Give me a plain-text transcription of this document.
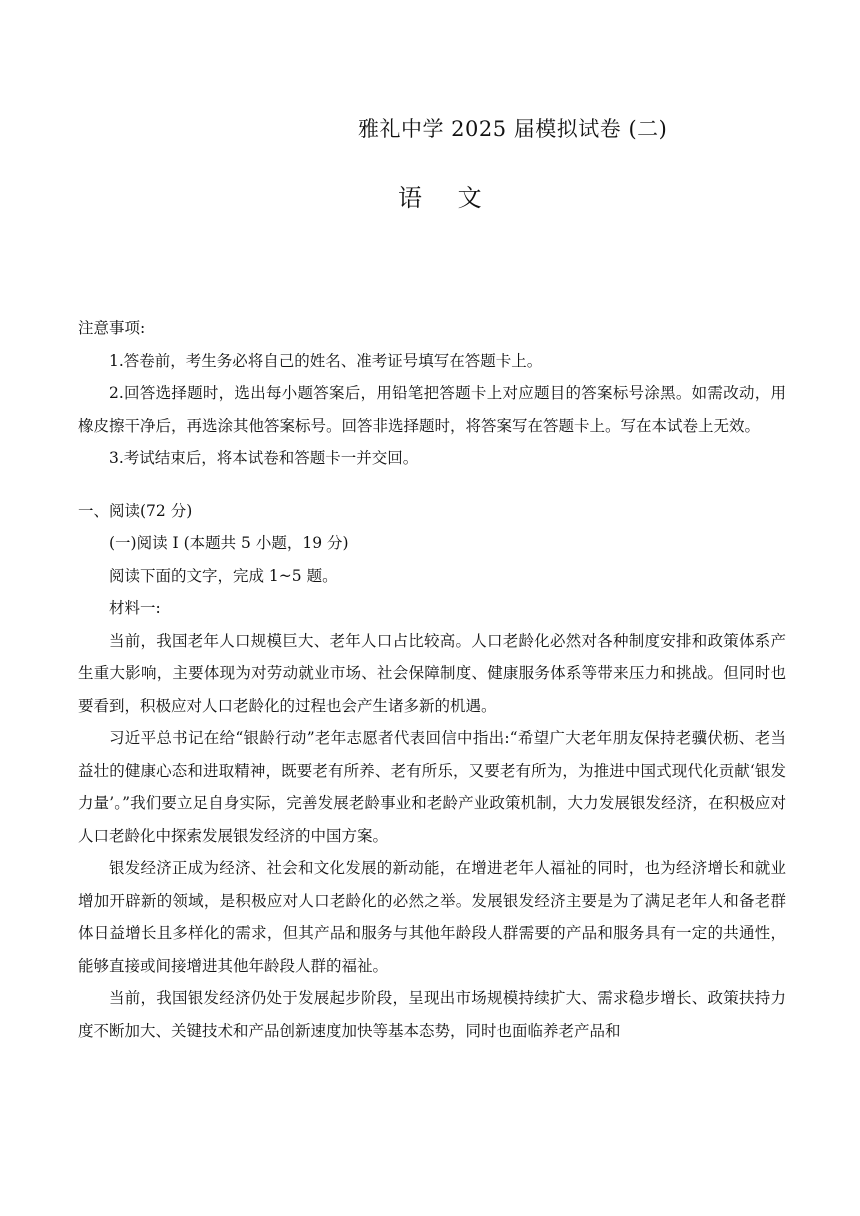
雅礼中学 2025 届模拟试卷 (二)
语 文

注意事项:

1.答卷前，考生务必将自己的姓名、准考证号填写在答题卡上。

2.回答选择题时，选出每小题答案后，用铅笔把答题卡上对应题目的答案标号涂黑。如需改动，用橡皮擦干净后，再选涂其他答案标号。回答非选择题时，将答案写在答题卡上。写在本试卷上无效。

3.考试结束后，将本试卷和答题卡一并交回。

一、阅读(72 分)

(一)阅读 I (本题共 5 小题，19 分)

阅读下面的文字，完成 1~5 题。

材料一:

当前，我国老年人口规模巨大、老年人口占比较高。人口老龄化必然对各种制度安排和政策体系产生重大影响，主要体现为对劳动就业市场、社会保障制度、健康服务体系等带来压力和挑战。但同时也要看到，积极应对人口老龄化的过程也会产生诸多新的机遇。

习近平总书记在给“银龄行动”老年志愿者代表回信中指出:“希望广大老年朋友保持老骥伏枥、老当益壮的健康心态和进取精神，既要老有所养、老有所乐，又要老有所为，为推进中国式现代化贡献‘银发力量’。”我们要立足自身实际，完善发展老龄事业和老龄产业政策机制，大力发展银发经济，在积极应对人口老龄化中探索发展银发经济的中国方案。

银发经济正成为经济、社会和文化发展的新动能，在增进老年人福祉的同时，也为经济增长和就业增加开辟新的领域，是积极应对人口老龄化的必然之举。发展银发经济主要是为了满足老年人和备老群体日益增长且多样化的需求，但其产品和服务与其他年龄段人群需要的产品和服务具有一定的共通性，能够直接或间接增进其他年龄段人群的福祉。

当前，我国银发经济仍处于发展起步阶段，呈现出市场规模持续扩大、需求稳步增长、政策扶持力度不断加大、关键技术和产品创新速度加快等基本态势，同时也面临养老产品和
